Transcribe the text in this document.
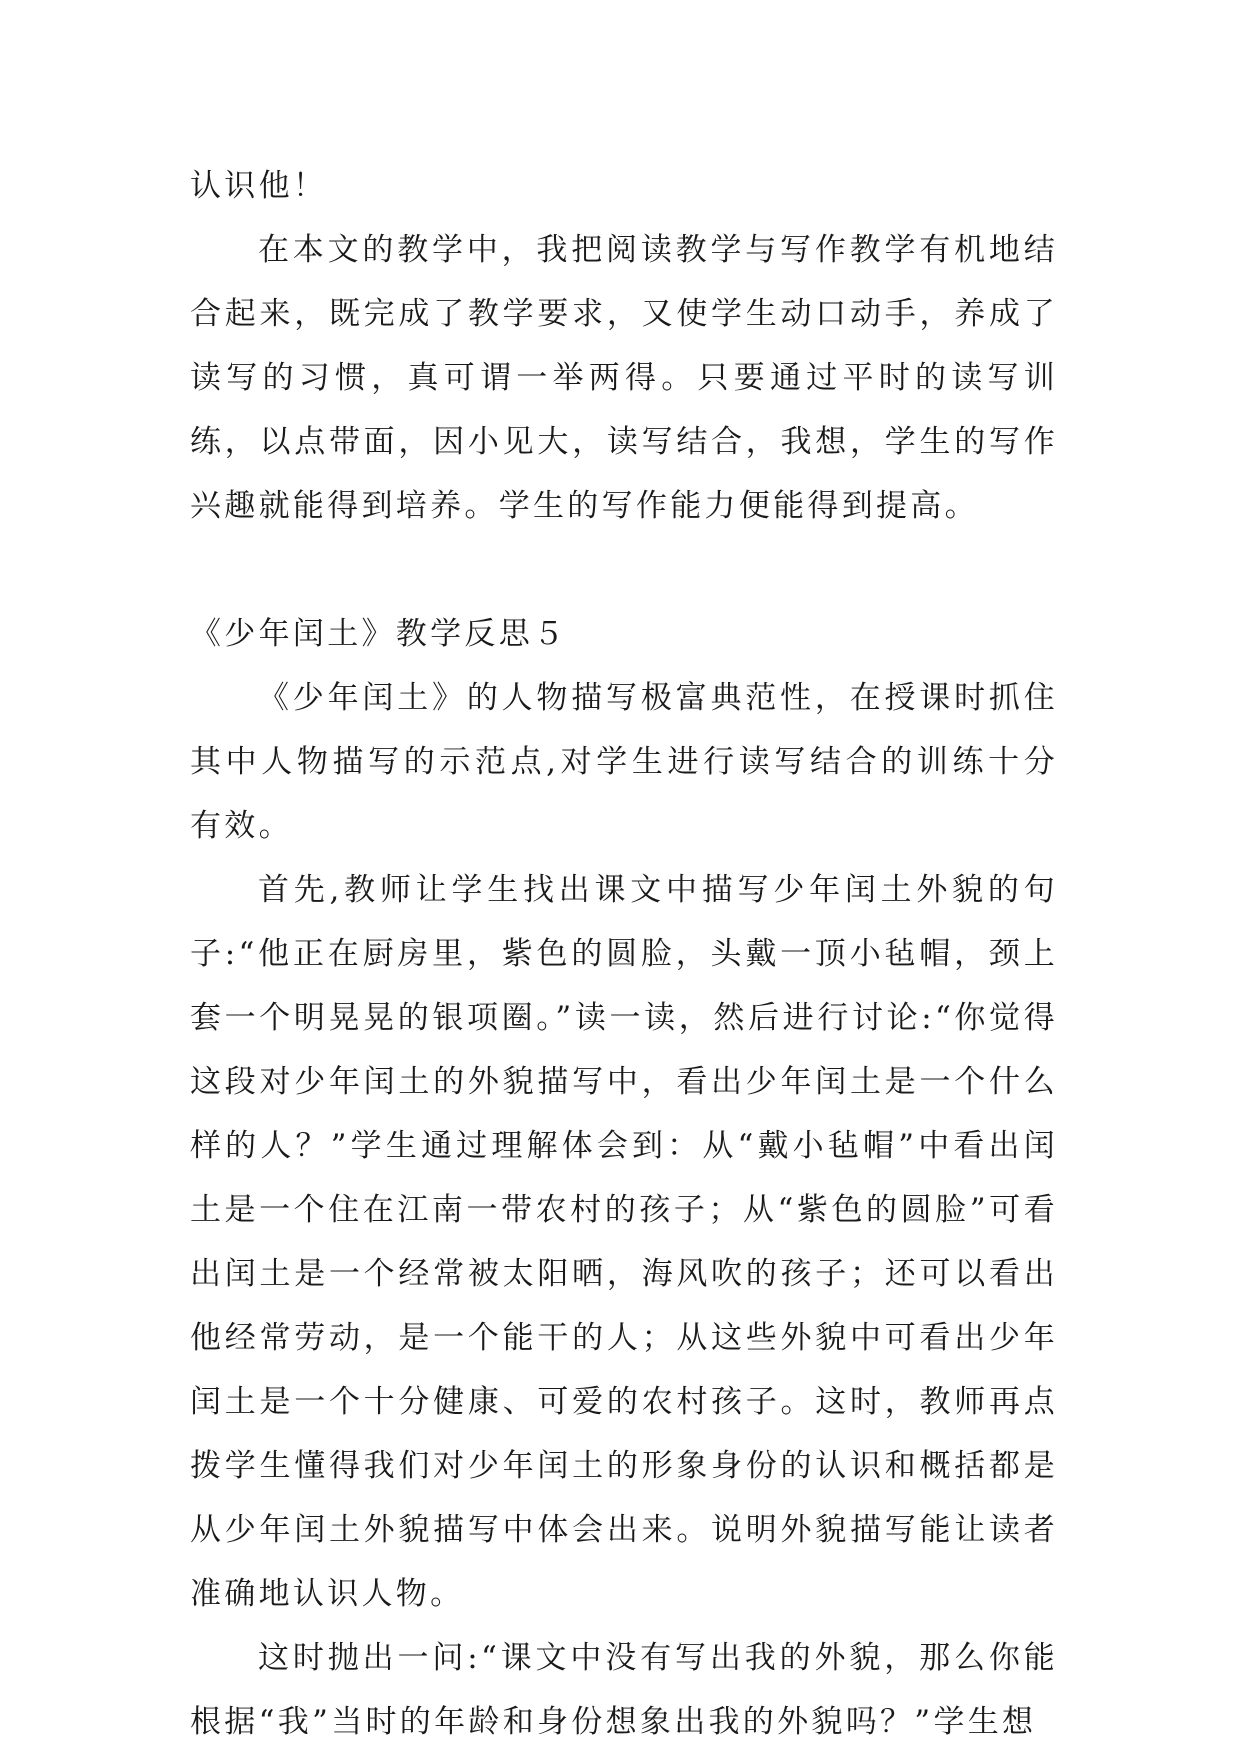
认识他！

在本文的教学中，我把阅读教学与写作教学有机地结合起来，既完成了教学要求，又使学生动口动手，养成了读写的习惯，真可谓一举两得。只要通过平时的读写训练，以点带面，因小见大，读写结合，我想，学生的写作兴趣就能得到培养。学生的写作能力便能得到提高。

《少年闰土》教学反思５

《少年闰土》的人物描写极富典范性，在授课时抓住其中人物描写的示范点,对学生进行读写结合的训练十分有效。

首先,教师让学生找出课文中描写少年闰土外貌的句子:“他正在厨房里，紫色的圆脸，头戴一顶小毡帽，颈上套一个明晃晃的银项圈。”读一读，然后进行讨论:“你觉得这段对少年闰土的外貌描写中，看出少年闰土是一个什么样的人？”学生通过理解体会到：从“戴小毡帽”中看出闰土是一个住在江南一带农村的孩子；从“紫色的圆脸”可看出闰土是一个经常被太阳晒，海风吹的孩子；还可以看出他经常劳动，是一个能干的人；从这些外貌中可看出少年闰土是一个十分健康、可爱的农村孩子。这时，教师再点拨学生懂得我们对少年闰土的形象身份的认识和概括都是从少年闰土外貌描写中体会出来。说明外貌描写能让读者准确地认识人物。

这时抛出一问:“课文中没有写出我的外貌，那么你能根据“我”当时的年龄和身份想象出我的外貌吗？”学生想
